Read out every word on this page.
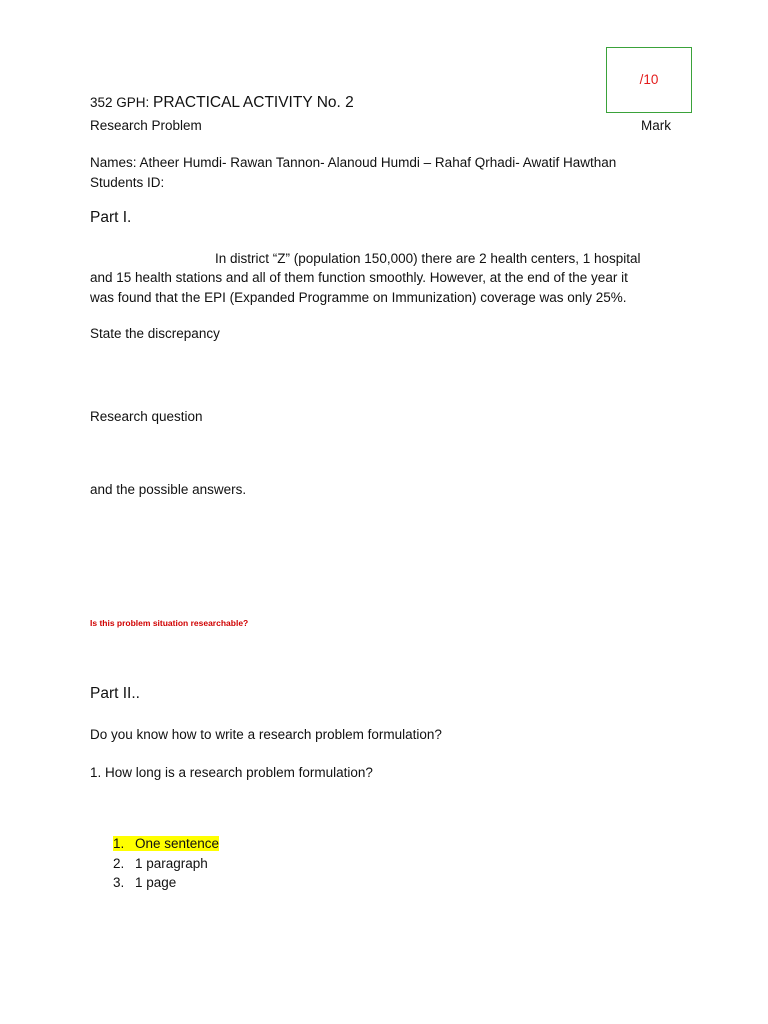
/10
Mark
352 GPH: PRACTICAL ACTIVITY No. 2
Research Problem
Names: Atheer Humdi- Rawan Tannon- Alanoud Humdi – Rahaf Qrhadi- Awatif Hawthan
Students ID:
Part I.
In district “Z” (population 150,000) there are 2 health centers, 1 hospital
and 15 health stations and all of them function smoothly. However, at the end of the year it
was found that the EPI (Expanded Programme on Immunization) coverage was only 25%.
State the discrepancy
Research question
and the possible answers.
Is this problem situation researchable?
Part II..
Do you know how to write a research problem formulation?
1. How long is a research problem formulation?
1. One sentence
2. 1 paragraph
3. 1 page
